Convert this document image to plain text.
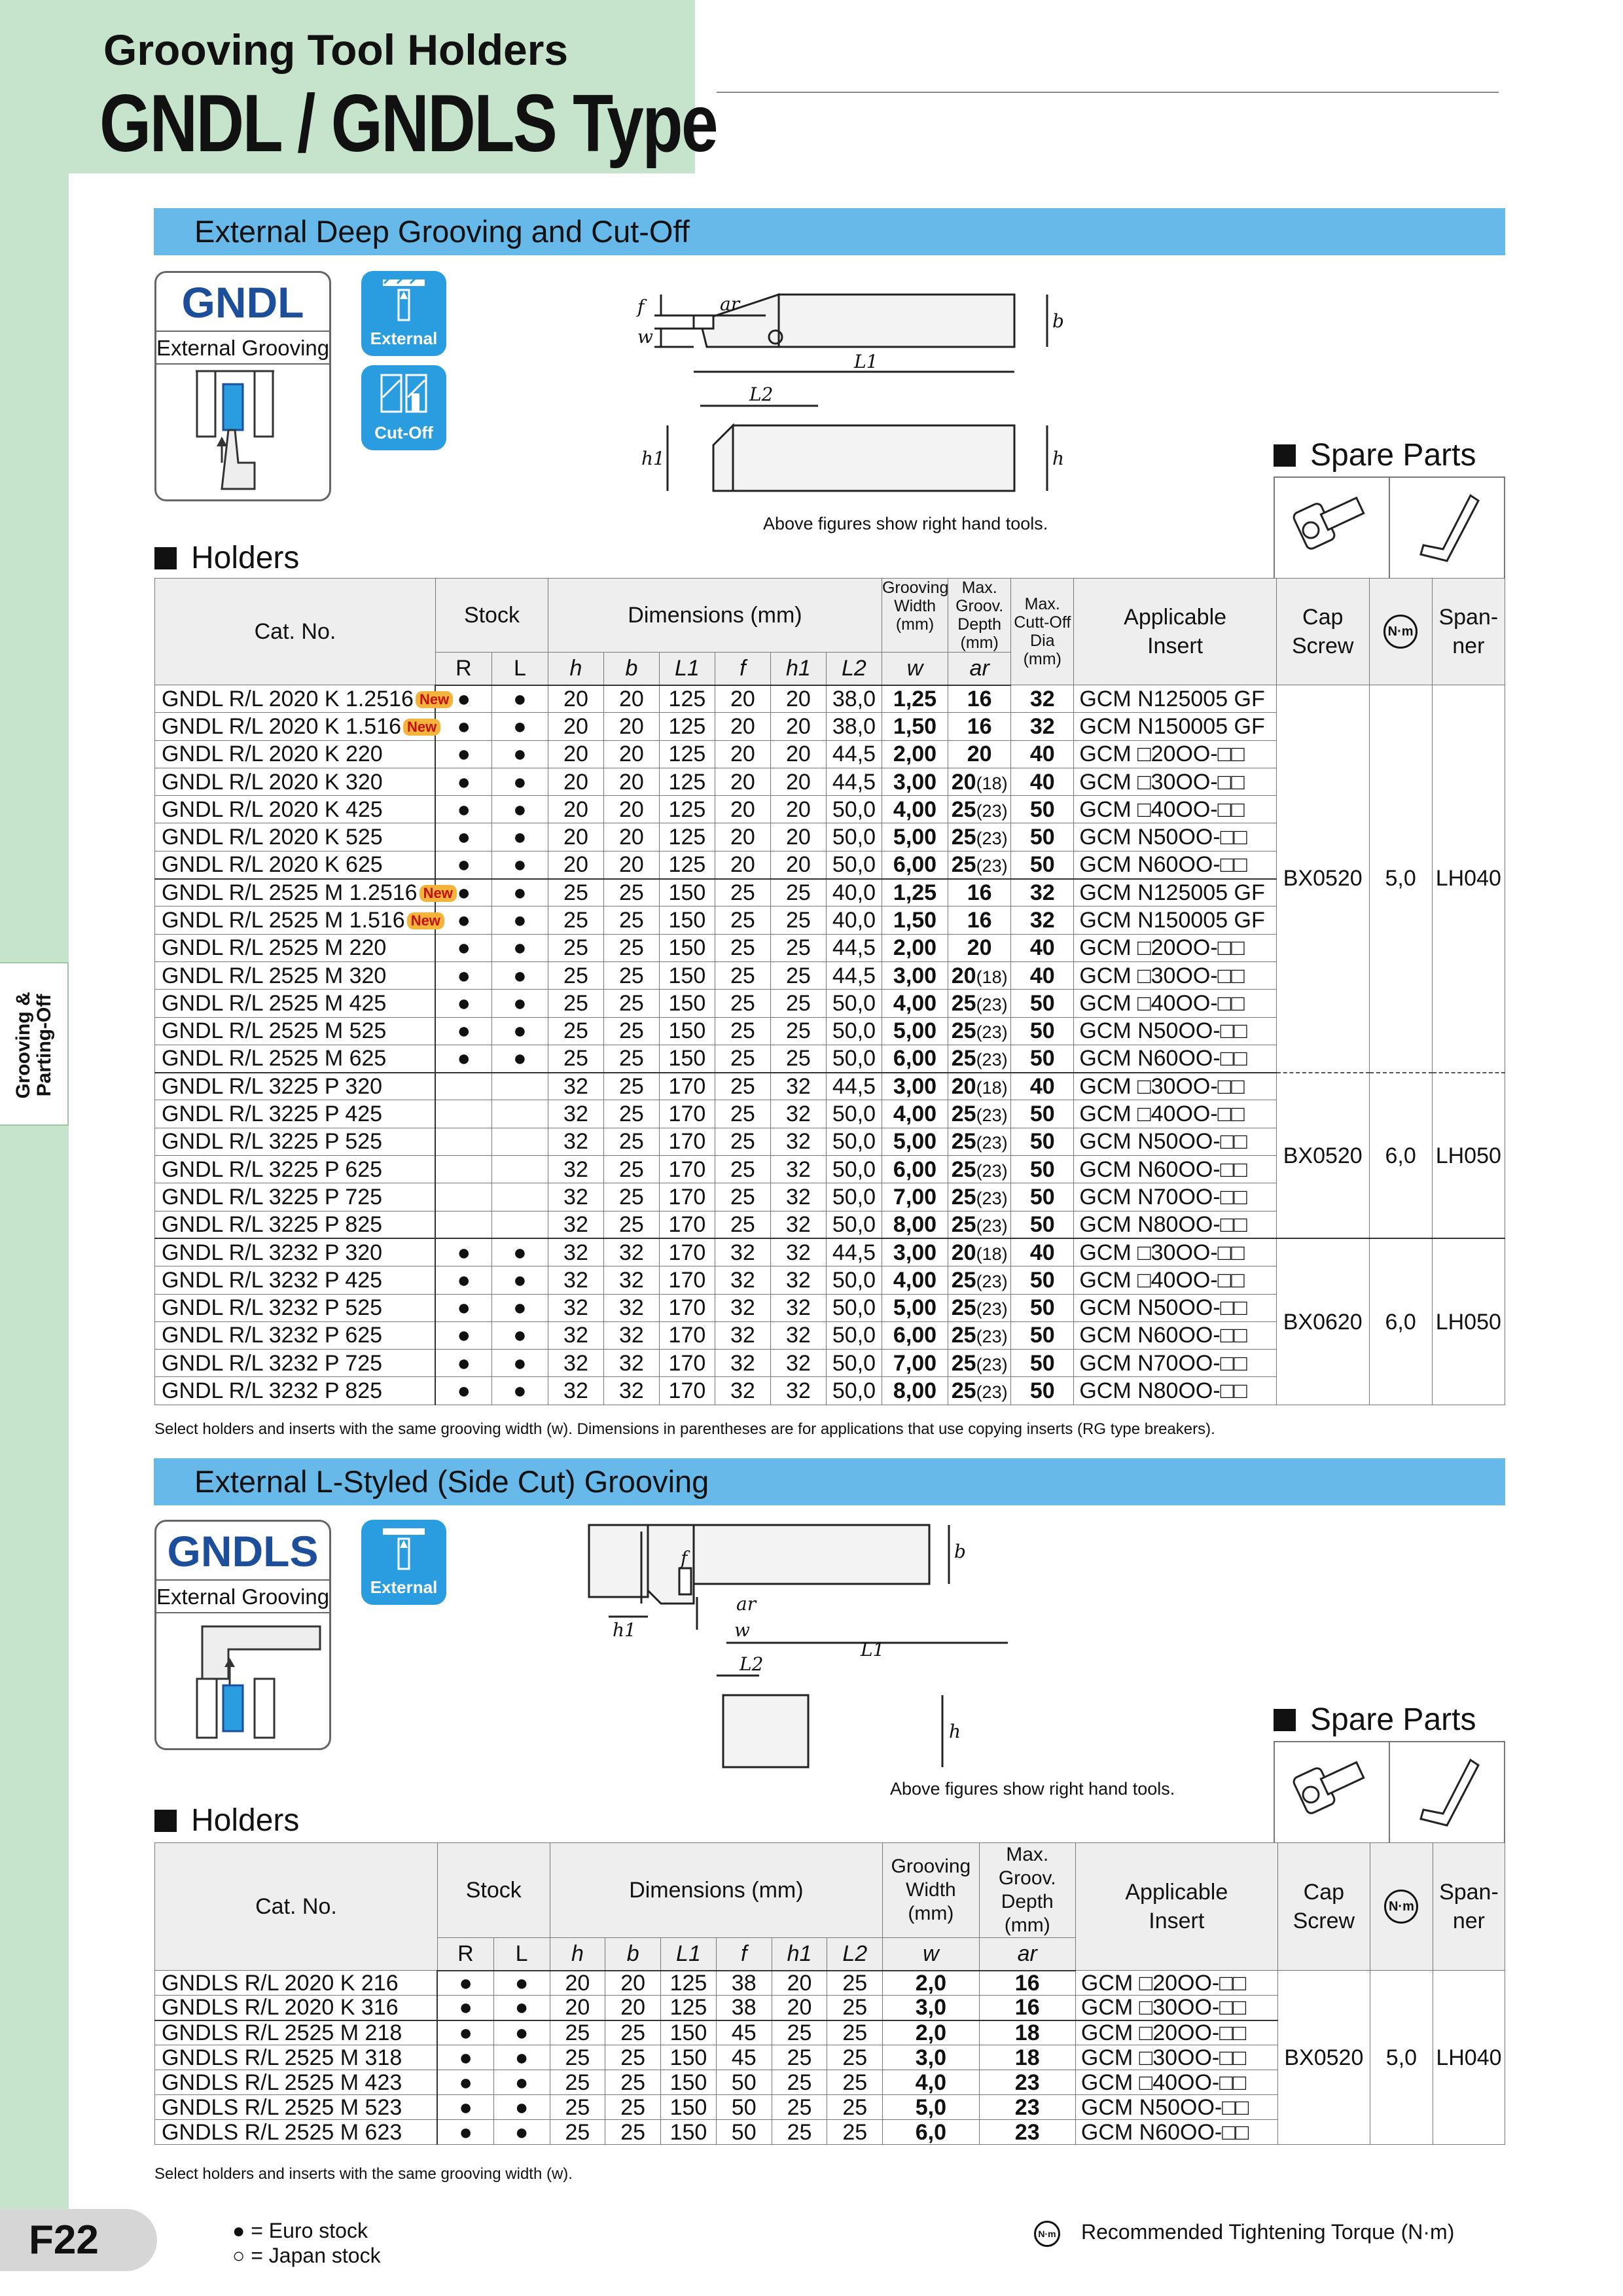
Grooving Tool Holders
GNDL / GNDLS Type
Grooving &
Parting-Off
External Deep Grooving and Cut-Off
GNDL
External Grooving	External
Cut-Off
f
w
ar
b
L1
L2
h1	h
Above figures show right hand tools.
Spare Parts
Holders
Cat. No.	Stock		Dimensions (mm)						Grooving
Width
(mm)	Max.
Groov.
Depth
(mm)	Max.
Cutt-Off
Dia
(mm)	Applicable
Insert	Cap
Screw	N·m	Span-
ner
	R	L	h	b	L1	f	h1	L2	w	ar					
GNDL R/L 2020 K 1.2516 New	●	●	20	20	125	20	20	38,0	1,25	16	32	GCM N125005 GF	BX0520	5,0	LH040
GNDL R/L 2020 K 1.516 New	●	●	20	20	125	20	20	38,0	1,50	16	32	GCM N150005 GF			
GNDL R/L 2020 K 220	●	●	20	20	125	20	20	44,5	2,00	20	40	GCM □20OO-□□			
GNDL R/L 2020 K 320	●	●	20	20	125	20	20	44,5	3,00	20(18)	40	GCM □30OO-□□			
GNDL R/L 2020 K 425	●	●	20	20	125	20	20	50,0	4,00	25(23)	50	GCM □40OO-□□			
GNDL R/L 2020 K 525	●	●	20	20	125	20	20	50,0	5,00	25(23)	50	GCM N50OO-□□			
GNDL R/L 2020 K 625	●	●	20	20	125	20	20	50,0	6,00	25(23)	50	GCM N60OO-□□			
GNDL R/L 2525 M 1.2516 New	●	●	25	25	150	25	25	40,0	1,25	16	32	GCM N125005 GF			
GNDL R/L 2525 M 1.516 New	●	●	25	25	150	25	25	40,0	1,50	16	32	GCM N150005 GF			
GNDL R/L 2525 M 220	●	●	25	25	150	25	25	44,5	2,00	20	40	GCM □20OO-□□			
GNDL R/L 2525 M 320	●	●	25	25	150	25	25	44,5	3,00	20(18)	40	GCM □30OO-□□			
GNDL R/L 2525 M 425	●	●	25	25	150	25	25	50,0	4,00	25(23)	50	GCM □40OO-□□			
GNDL R/L 2525 M 525	●	●	25	25	150	25	25	50,0	5,00	25(23)	50	GCM N50OO-□□			
GNDL R/L 2525 M 625	●	●	25	25	150	25	25	50,0	6,00	25(23)	50	GCM N60OO-□□			
GNDL R/L 3225 P 320			32	25	170	25	32	44,5	3,00	20(18)	40	GCM □30OO-□□	BX0520	6,0	LH050
GNDL R/L 3225 P 425			32	25	170	25	32	50,0	4,00	25(23)	50	GCM □40OO-□□			
GNDL R/L 3225 P 525			32	25	170	25	32	50,0	5,00	25(23)	50	GCM N50OO-□□			
GNDL R/L 3225 P 625			32	25	170	25	32	50,0	6,00	25(23)	50	GCM N60OO-□□			
GNDL R/L 3225 P 725			32	25	170	25	32	50,0	7,00	25(23)	50	GCM N70OO-□□			
GNDL R/L 3225 P 825			32	25	170	25	32	50,0	8,00	25(23)	50	GCM N80OO-□□			
GNDL R/L 3232 P 320	●	●	32	32	170	32	32	44,5	3,00	20(18)	40	GCM □30OO-□□	BX0620	6,0	LH050
GNDL R/L 3232 P 425	●	●	32	32	170	32	32	50,0	4,00	25(23)	50	GCM □40OO-□□			
GNDL R/L 3232 P 525	●	●	32	32	170	32	32	50,0	5,00	25(23)	50	GCM N50OO-□□			
GNDL R/L 3232 P 625	●	●	32	32	170	32	32	50,0	6,00	25(23)	50	GCM N60OO-□□			
GNDL R/L 3232 P 725	●	●	32	32	170	32	32	50,0	7,00	25(23)	50	GCM N70OO-□□			
GNDL R/L 3232 P 825	●	●	32	32	170	32	32	50,0	8,00	25(23)	50	GCM N80OO-□□			
Select holders and inserts with the same grooving width (w). Dimensions in parentheses are for applications that use copying inserts (RG type breakers).
External L-Styled (Side Cut) Grooving
GNDLS
External Grooving	External
h1
f
ar
w
b
L1
L2
h
Above figures show right hand tools.
Spare Parts
Holders
Cat. No.	Stock		Dimensions (mm)						Grooving
Width
(mm)	Max. Groov.
Depth
(mm)	Applicable
Insert	Cap
Screw	N·m	Span-
ner
	R	L	h	b	L1	f	h1	L2	w	ar				
GNDLS R/L 2020 K 216	●	●	20	20	125	38	20	25	2,0	16	GCM □20OO-□□	BX0520	5,0	LH040
GNDLS R/L 2020 K 316	●	●	20	20	125	38	20	25	3,0	16	GCM □30OO-□□			
GNDLS R/L 2525 M 218	●	●	25	25	150	45	25	25	2,0	18	GCM □20OO-□□			
GNDLS R/L 2525 M 318	●	●	25	25	150	45	25	25	3,0	18	GCM □30OO-□□			
GNDLS R/L 2525 M 423	●	●	25	25	150	50	25	25	4,0	23	GCM □40OO-□□			
GNDLS R/L 2525 M 523	●	●	25	25	150	50	25	25	5,0	23	GCM N50OO-□□			
GNDLS R/L 2525 M 623	●	●	25	25	150	50	25	25	6,0	23	GCM N60OO-□□			
Select holders and inserts with the same grooving width (w).
F22	● = Euro stock
○ = Japan stock
N·m Recommended Tightening Torque (N·m)
